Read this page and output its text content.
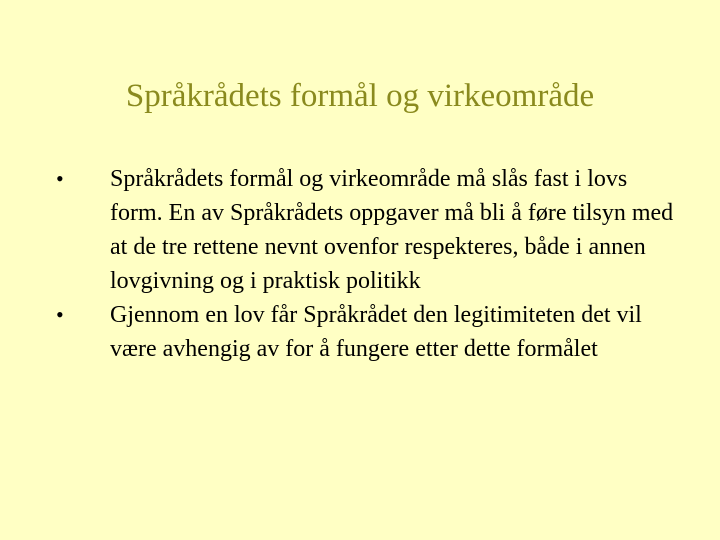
Språkrådets formål og virkeområde
•	Språkrådets formål og virkeområde må slås fast i lovs form. En av Språkrådets oppgaver må bli å føre tilsyn med at de tre rettene nevnt ovenfor respekteres, både i annen lovgivning og i praktisk politikk
•	Gjennom en lov får Språkrådet den legitimiteten det vil være avhengig av for å fungere etter dette formålet
